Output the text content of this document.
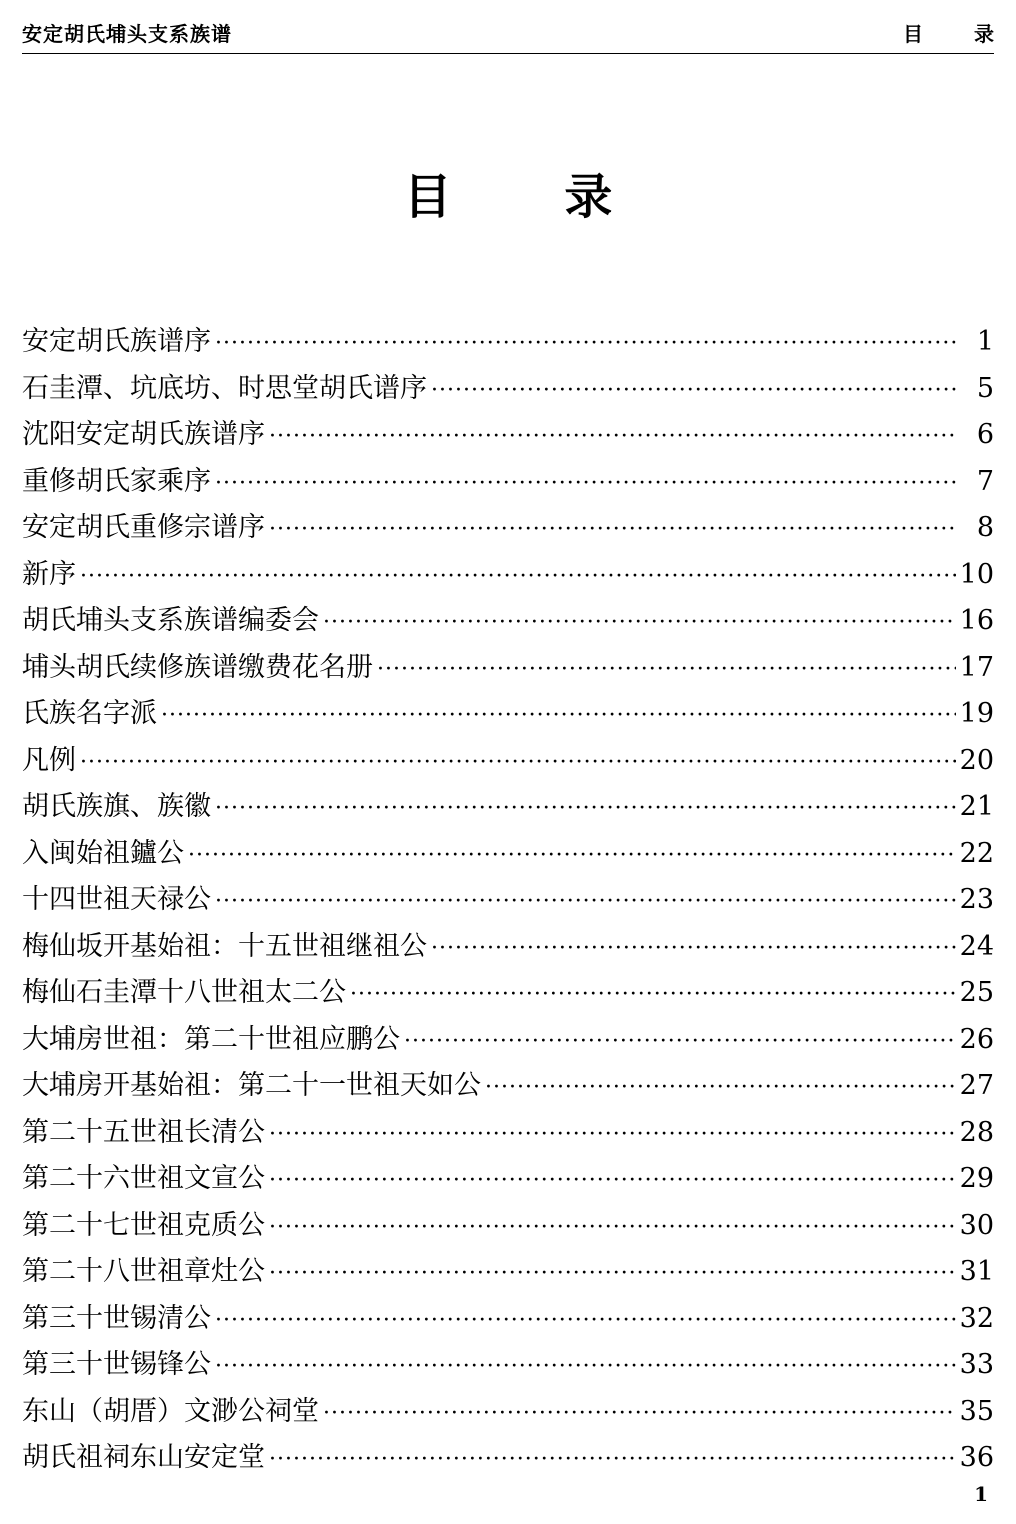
安定胡氏埔头支系族谱	目 录
目 录
安定胡氏族谱序 ·····	1
石圭潭、坑底坊、时思堂胡氏谱序 ·····	5
沈阳安定胡氏族谱序 ·····	6
重修胡氏家乘序 ·····	7
安定胡氏重修宗谱序 ·····	8
新序 ·····	10
胡氏埔头支系族谱编委会 ·····	16
埔头胡氏续修族谱缴费花名册 ·····	17
氏族名字派 ·····	19
凡例 ·····	20
胡氏族旗、族徽 ·····	21
入闽始祖鑪公 ·····	22
十四世祖天禄公 ·····	23
梅仙坂开基始祖：十五世祖继祖公 ·····	24
梅仙石圭潭十八世祖太二公 ·····	25
大埔房世祖：第二十世祖应鹏公 ·····	26
大埔房开基始祖：第二十一世祖天如公 ·····	27
第二十五世祖长清公 ·····	28
第二十六世祖文宣公 ·····	29
第二十七世祖克质公 ·····	30
第二十八世祖章灶公 ·····	31
第三十世锡清公 ·····	32
第三十世锡锋公 ·····	33
东山（胡厝）文渺公祠堂 ·····	35
胡氏祖祠东山安定堂 ·····	36
1
